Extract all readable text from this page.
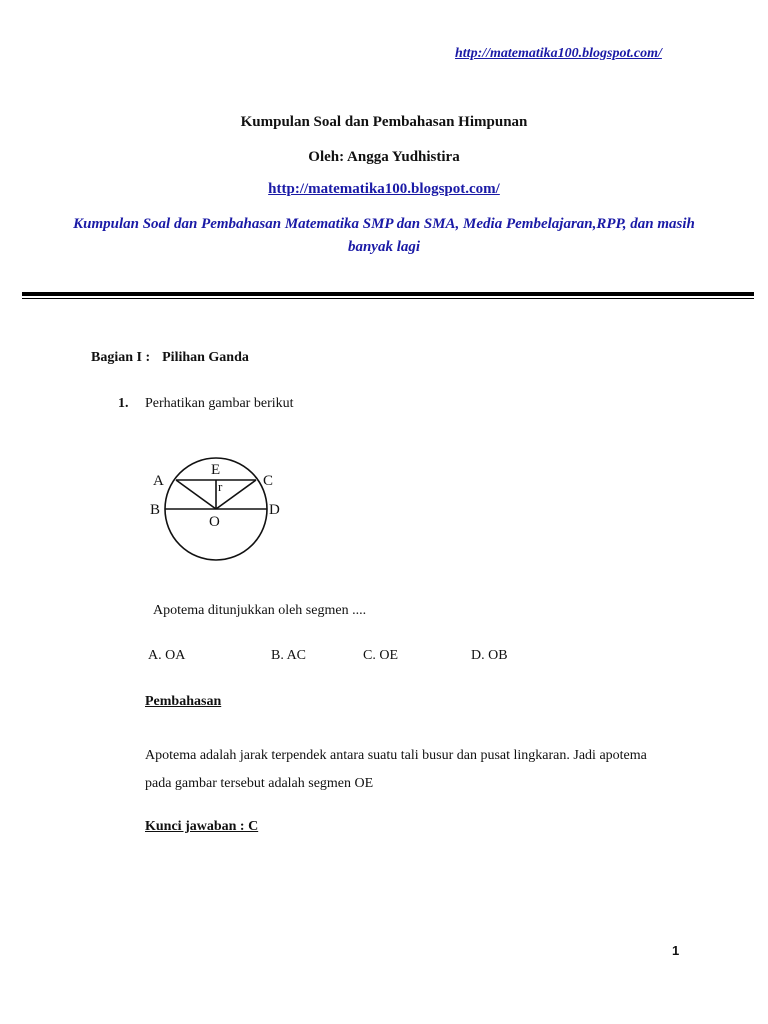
http://matematika100.blogspot.com/
Kumpulan Soal dan Pembahasan Himpunan
Oleh: Angga Yudhistira
http://matematika100.blogspot.com/
Kumpulan Soal dan Pembahasan Matematika SMP dan SMA, Media Pembelajaran,RPP, dan masih banyak lagi
Bagian I : Pilihan Ganda
1. Perhatikan gambar berikut
A
B
C
D
E
O
r
Apotema ditunjukkan oleh segmen ....
A. OA	B. AC	C. OE	D. OB
Pembahasan
Apotema adalah jarak terpendek antara suatu tali busur dan pusat lingkaran. Jadi apotema pada gambar tersebut adalah segmen OE
Kunci jawaban : C
1
